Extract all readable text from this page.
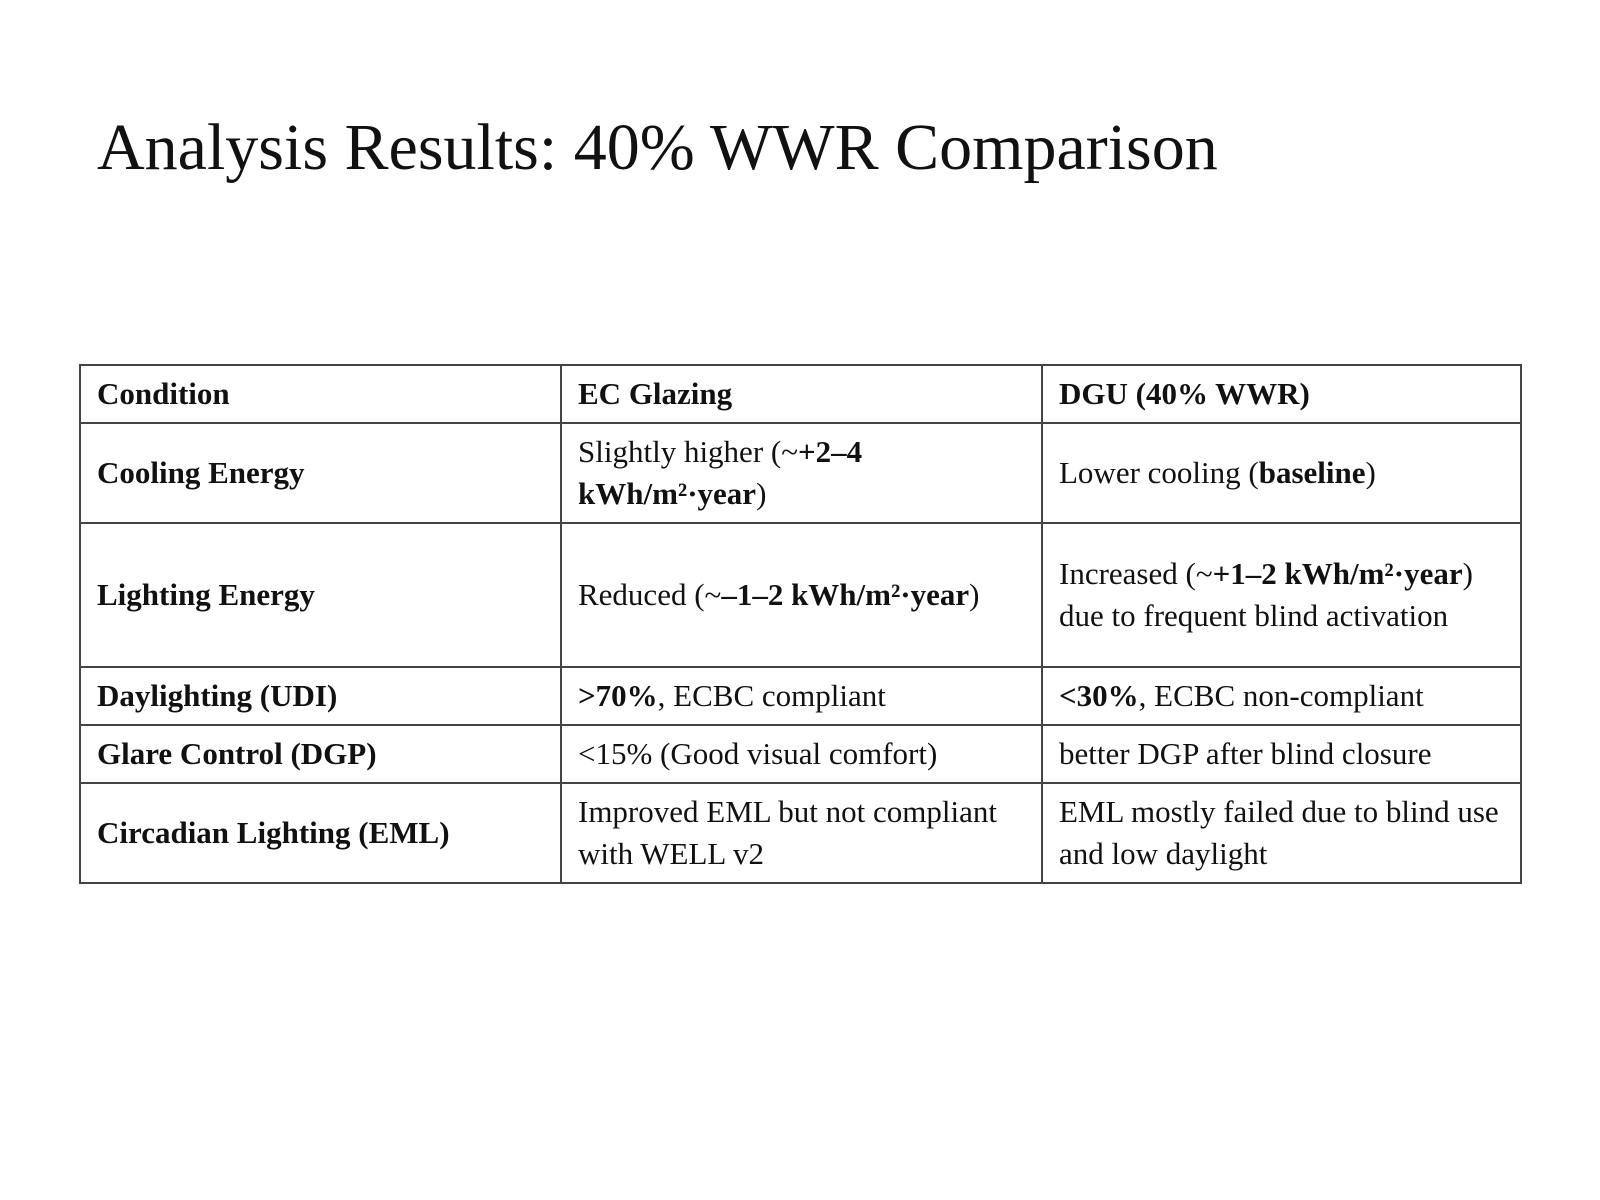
Analysis Results: 40% WWR Comparison
Condition	EC Glazing	DGU (40% WWR)
Cooling Energy	Slightly higher (~+2–4 kWh/m²·year)	Lower cooling (baseline)
Lighting Energy	Reduced (~–1–2 kWh/m²·year)	Increased (~+1–2 kWh/m²·year) due to frequent blind activation
Daylighting (UDI)	>70%, ECBC compliant	<30%, ECBC non-compliant
Glare Control (DGP)	<15% (Good visual comfort)	better DGP after blind closure
Circadian Lighting (EML)	Improved EML but not compliant with WELL v2	EML mostly failed due to blind use and low daylight
